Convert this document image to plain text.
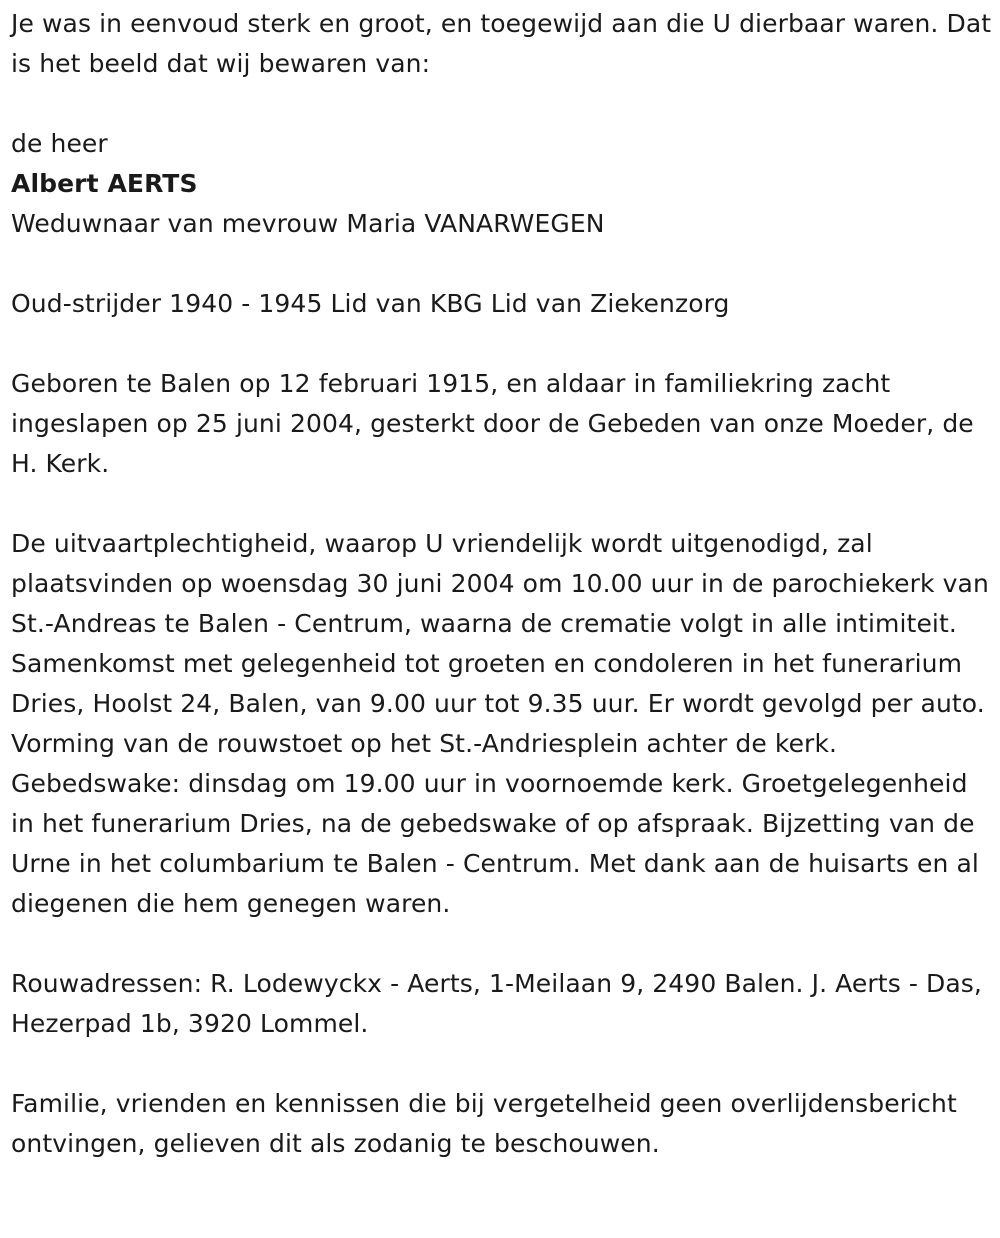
Je was in eenvoud sterk en groot, en toegewijd aan die U dierbaar waren. Dat is het beeld dat wij bewaren van:

de heer

Albert AERTS

Weduwnaar van mevrouw Maria VANARWEGEN

Oud-strijder 1940 - 1945 Lid van KBG Lid van Ziekenzorg

Geboren te Balen op 12 februari 1915, en aldaar in familiekring zacht ingeslapen op 25 juni 2004, gesterkt door de Gebeden van onze Moeder, de H. Kerk.

De uitvaartplechtigheid, waarop U vriendelijk wordt uitgenodigd, zal plaatsvinden op woensdag 30 juni 2004 om 10.00 uur in de parochiekerk van St.-Andreas te Balen - Centrum, waarna de crematie volgt in alle intimiteit. Samenkomst met gelegenheid tot groeten en condoleren in het funerarium Dries, Hoolst 24, Balen, van 9.00 uur tot 9.35 uur. Er wordt gevolgd per auto. Vorming van de rouwstoet op het St.-Andriesplein achter de kerk. Gebedswake: dinsdag om 19.00 uur in voornoemde kerk. Groetgelegenheid in het funerarium Dries, na de gebedswake of op afspraak. Bijzetting van de Urne in het columbarium te Balen - Centrum. Met dank aan de huisarts en al diegenen die hem genegen waren.

Rouwadressen: R. Lodewyckx - Aerts, 1-Meilaan 9, 2490 Balen. J. Aerts - Das, Hezerpad 1b, 3920 Lommel.

Familie, vrienden en kennissen die bij vergetelheid geen overlijdensbericht ontvingen, gelieven dit als zodanig te beschouwen.
